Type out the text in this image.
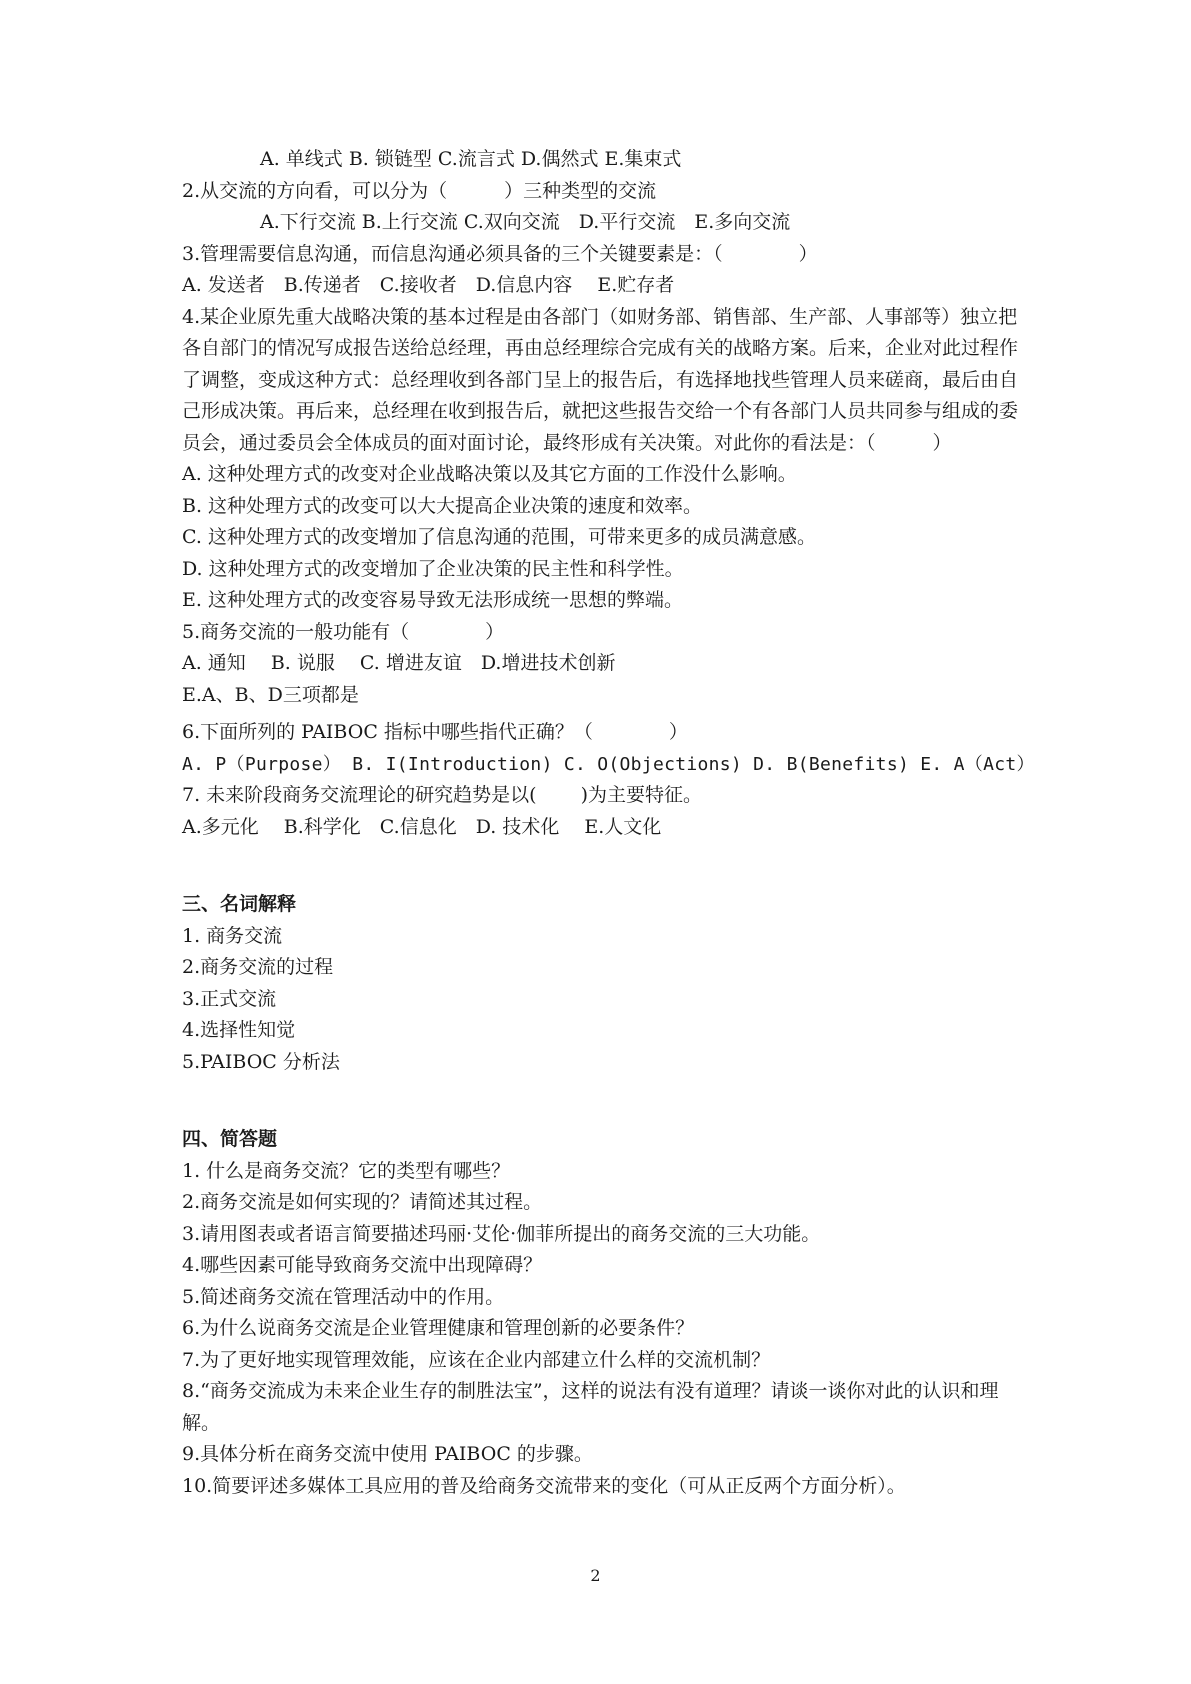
A. 单线式 B. 锁链型 C.流言式 D.偶然式 E.集束式
2.从交流的方向看，可以分为（　　　）三种类型的交流
A.下行交流 B.上行交流 C.双向交流　D.平行交流　E.多向交流
3.管理需要信息沟通，而信息沟通必须具备的三个关键要素是：（　　　　）
A. 发送者　B.传递者　C.接收者　D.信息内容　 E.贮存者
4.某企业原先重大战略决策的基本过程是由各部门（如财务部、销售部、生产部、人事部等）独立把各自部门的情况写成报告送给总经理，再由总经理综合完成有关的战略方案。后来，企业对此过程作了调整，变成这种方式：总经理收到各部门呈上的报告后，有选择地找些管理人员来磋商，最后由自己形成决策。再后来，总经理在收到报告后，就把这些报告交给一个有各部门人员共同参与组成的委员会，通过委员会全体成员的面对面讨论，最终形成有关决策。对此你的看法是：（　　　）
A. 这种处理方式的改变对企业战略决策以及其它方面的工作没什么影响。
B. 这种处理方式的改变可以大大提高企业决策的速度和效率。
C. 这种处理方式的改变增加了信息沟通的范围，可带来更多的成员满意感。
D. 这种处理方式的改变增加了企业决策的民主性和科学性。
E. 这种处理方式的改变容易导致无法形成统一思想的弊端。
5.商务交流的一般功能有（　　　　）
A. 通知　 B. 说服　 C. 增进友谊　D.增进技术创新
E.A、B、D三项都是
6.下面所列的 PAIBOC 指标中哪些指代正确？（　　　　）
A. P（Purpose） B. I(Introduction) C. O(Objections) D. B(Benefits) E. A（Act）
7. 未来阶段商务交流理论的研究趋势是以(　　 )为主要特征。
A.多元化　 B.科学化　C.信息化　D. 技术化　 E.人文化
三、名词解释
1. 商务交流
2.商务交流的过程
3.正式交流
4.选择性知觉
5.PAIBOC 分析法
四、简答题
1. 什么是商务交流？它的类型有哪些？
2.商务交流是如何实现的？请简述其过程。
3.请用图表或者语言简要描述玛丽·艾伦·伽菲所提出的商务交流的三大功能。
4.哪些因素可能导致商务交流中出现障碍？
5.简述商务交流在管理活动中的作用。
6.为什么说商务交流是企业管理健康和管理创新的必要条件？
7.为了更好地实现管理效能，应该在企业内部建立什么样的交流机制？
8.“商务交流成为未来企业生存的制胜法宝”，这样的说法有没有道理？请谈一谈你对此的认识和理解。
9.具体分析在商务交流中使用 PAIBOC 的步骤。
10.简要评述多媒体工具应用的普及给商务交流带来的变化（可从正反两个方面分析）。
2
